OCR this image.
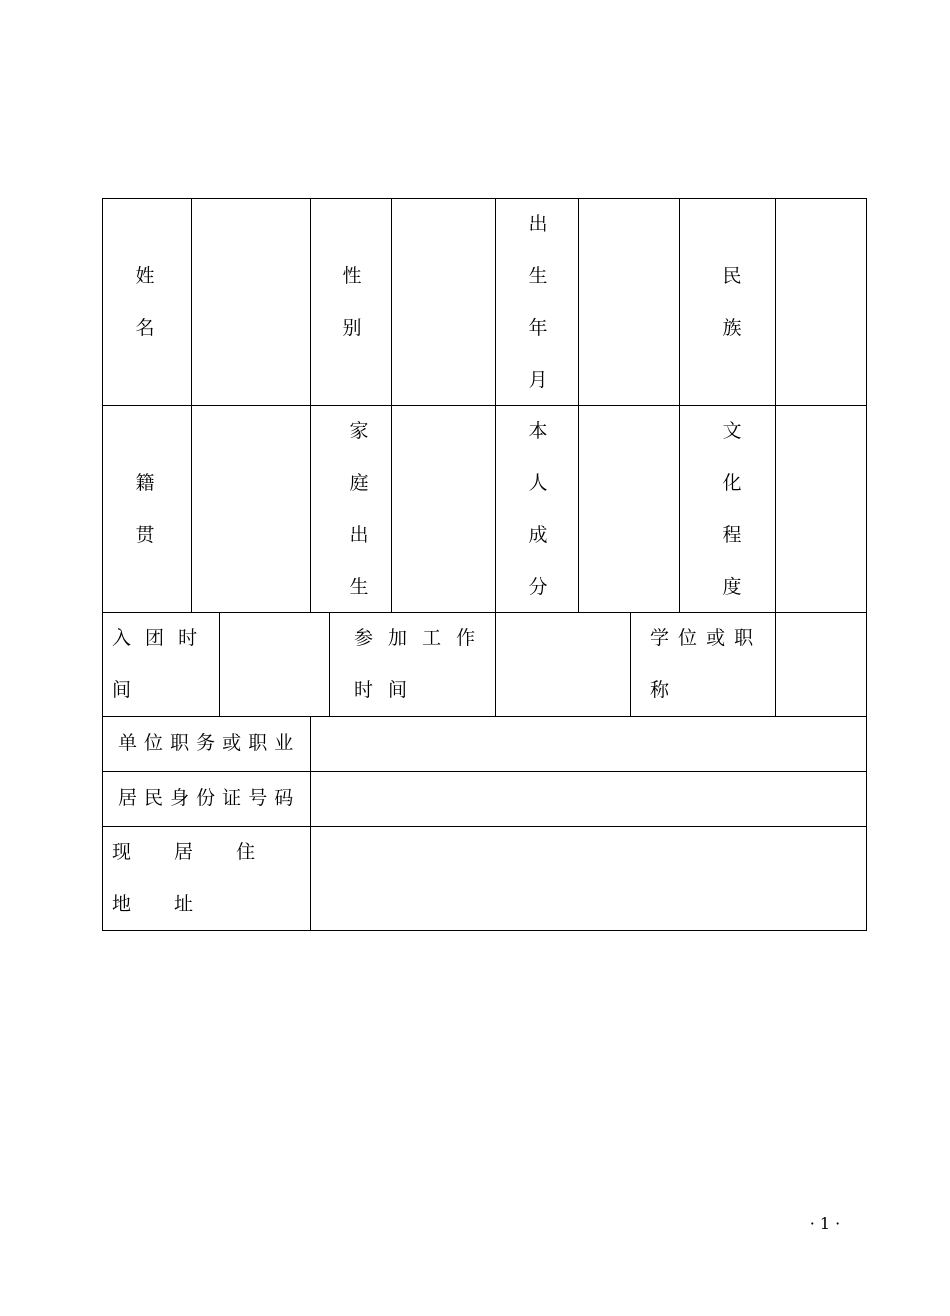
姓名
性别
出生年月
民族
籍贯
家庭出生
本人成分
文化程度
入 团 时 间
参 加 工 作 时 间
学 位 或 职 称
单 位 职 务 或 职 业
居 民 身 份 证 号 码
现 居 住 地 址
· 1 ·
